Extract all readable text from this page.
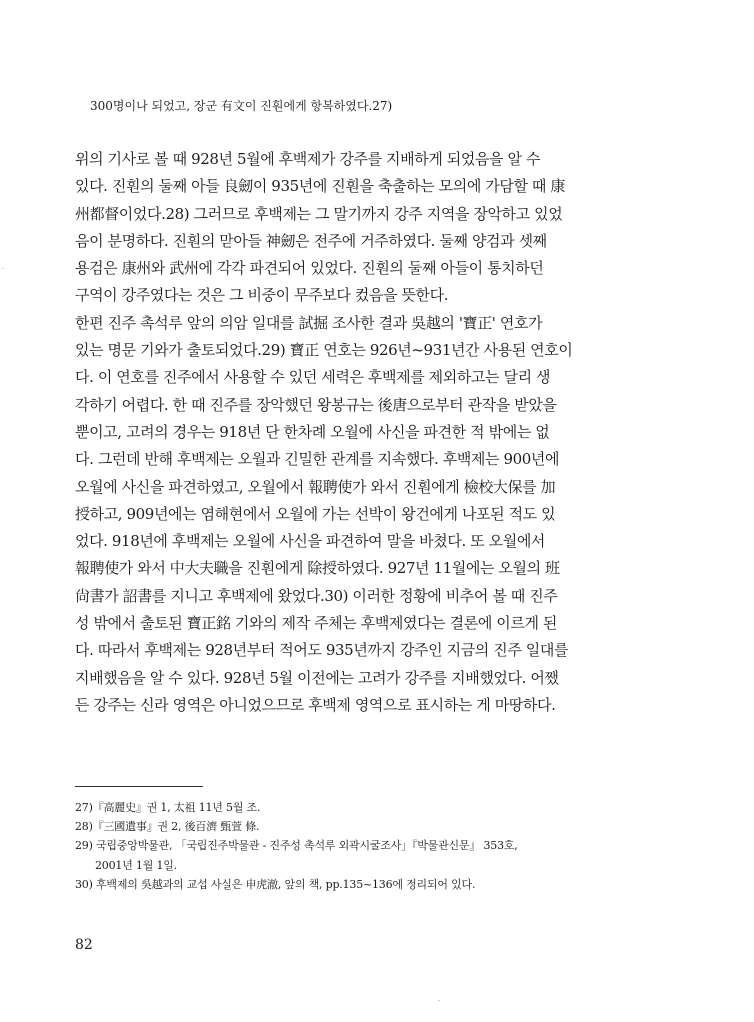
300명이나 되었고, 장군 有文이 진훤에게 항복하였다.27)
위의 기사로 볼 때 928년 5월에 후백제가 강주를 지배하게 되었음을 알 수
있다. 진훤의 둘째 아들 良劒이 935년에 진훤을 축출하는 모의에 가담할 때 康
州都督이었다.28) 그러므로 후백제는 그 말기까지 강주 지역을 장악하고 있었
음이 분명하다. 진훤의 맏아들 神劒은 전주에 거주하였다. 둘째 양검과 셋째
용검은 康州와 武州에 각각 파견되어 있었다. 진훤의 둘째 아들이 통치하던
구역이 강주였다는 것은 그 비중이 무주보다 컸음을 뜻한다.
한편 진주 촉석루 앞의 의암 일대를 試掘 조사한 결과 吳越의 '寶正' 연호가
있는 명문 기와가 출토되었다.29) 寶正 연호는 926년~931년간 사용된 연호이
다. 이 연호를 진주에서 사용할 수 있던 세력은 후백제를 제외하고는 달리 생
각하기 어렵다. 한 때 진주를 장악했던 왕봉규는 後唐으로부터 관작을 받았을
뿐이고, 고려의 경우는 918년 단 한차례 오월에 사신을 파견한 적 밖에는 없
다. 그런데 반해 후백제는 오월과 긴밀한 관계를 지속했다. 후백제는 900년에
오월에 사신을 파견하였고, 오월에서 報聘使가 와서 진훤에게 檢校大保를 加
授하고, 909년에는 염해현에서 오월에 가는 선박이 왕건에게 나포된 적도 있
었다. 918년에 후백제는 오월에 사신을 파견하여 말을 바쳤다. 또 오월에서
報聘使가 와서 中大夫職을 진훤에게 除授하였다. 927년 11월에는 오월의 班
尙書가 詔書를 지니고 후백제에 왔었다.30) 이러한 정황에 비추어 볼 때 진주
성 밖에서 출토된 寶正銘 기와의 제작 주체는 후백제였다는 결론에 이르게 된
다. 따라서 후백제는 928년부터 적어도 935년까지 강주인 지금의 진주 일대를
지배했음을 알 수 있다. 928년 5월 이전에는 고려가 강주를 지배했었다. 어쨌
든 강주는 신라 영역은 아니었으므로 후백제 영역으로 표시하는 게 마땅하다.
27)『高麗史』권 1, 太祖 11년 5월 조.
28)『三國遺事』권 2, 後百濟 甄萱 條.
29) 국립중앙박물관, 「국립진주박물관 - 진주성 촉석루 외곽시굴조사」『박물관신문』 353호,
2001년 1월 1일.
30) 후백제의 吳越과의 교섭 사실은 申虎澈, 앞의 책, pp.135~136에 정리되어 있다.
82
